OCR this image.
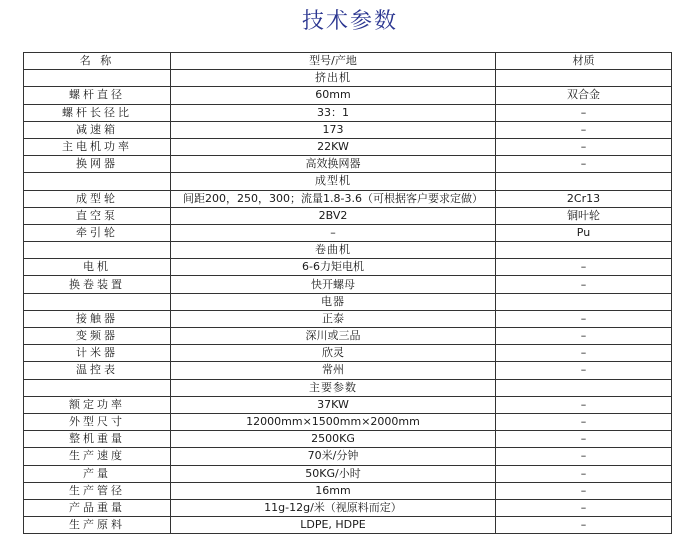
技术参数
名 称	型号/产地	材质
	挤出机	
螺杆直径	60mm	双合金
螺杆长径比	33：1	–
减速箱	173	–
主电机功率	22KW	–
换网器	高效换网器	–
	成型机	
成型轮	间距200，250，300；流量1.8-3.6（可根据客户要求定做）	2Cr13
直空泵	2BV2	铜叶轮
牵引轮	–	Pu
	卷曲机	
电机	6-6力矩电机	–
换卷装置	快开螺母	–
	电器	
接触器	正泰	–
变频器	深川或三品	–
计米器	欣灵	–
温控表	常州	–
	主要参数	
额定功率	37KW	–
外型尺寸	12000mm×1500mm×2000mm	–
整机重量	2500KG	–
生产速度	70米/分钟	–
产量	50KG/小时	–
生产管径	16mm	–
产品重量	11g-12g/米（视原料而定）	–
生产原料	LDPE, HDPE	–
